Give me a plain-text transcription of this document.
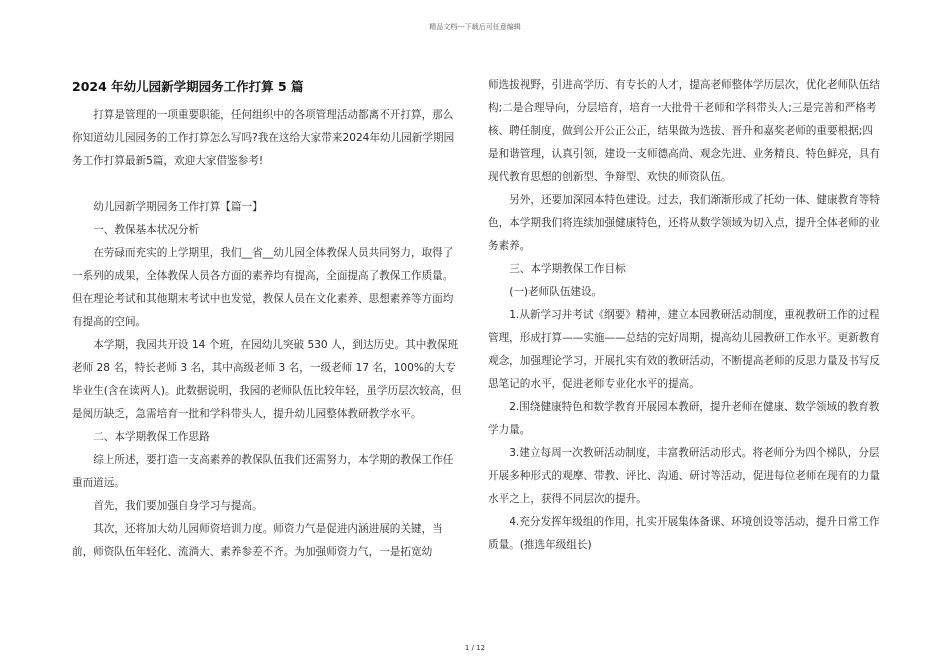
精品文档---下载后可任意编辑
2024 年幼儿园新学期园务工作打算 5 篇

打算是管理的一项重要职能，任何组织中的各项管理活动都离不开打算，那么你知道幼儿园园务的工作打算怎么写吗?我在这给大家带来2024年幼儿园新学期园务工作打算最新5篇，欢迎大家借鉴参考!

幼儿园新学期园务工作打算【篇一】

一、教保基本状况分析

在劳碌而充实的上学期里，我们__省__幼儿园全体教保人员共同努力，取得了一系列的成果，全体教保人员各方面的素养均有提高，全面提高了教保工作质量。但在理论考试和其他期末考试中也发觉，教保人员在文化素养、思想素养等方面均有提高的空间。

本学期，我园共开设 14 个班，在园幼儿突破 530 人，到达历史。其中教保班老师 28 名，特长老师 3 名，其中高级老师 3 名，一级老师 17 名，100%的大专毕业生(含在读两人)。此数据说明，我园的老师队伍比较年轻，虽学历层次较高，但是阅历缺乏，急需培育一批和学科带头人，提升幼儿园整体教研教学水平。

二、本学期教保工作思路

综上所述，要打造一支高素养的教保队伍我们还需努力，本学期的教保工作任重而道远。

首先，我们要加强自身学习与提高。

其次，还将加大幼儿园师资培训力度。师资力气是促进内涵进展的关键，当前，师资队伍年轻化、流淌大、素养参差不齐。为加强师资力气，一是拓宽幼

师选拔视野，引进高学历、有专长的人才，提高老师整体学历层次，优化老师队伍结构;二是合理导向，分层培育，培育一大批骨干老师和学科带头人;三是完善和严格考核、聘任制度，做到公开公正公正，结果做为选拔、晋升和嘉奖老师的重要根据;四是和谐管理，认真引领，建设一支师德高尚、观念先进、业务精良、特色鲜亮，具有现代教育思想的创新型、争辩型、欢快的师资队伍。

另外，还要加深园本特色建设。过去，我们渐渐形成了托幼一体、健康教育等特色，本学期我们将连续加强健康特色，还将从数学领域为切入点，提升全体老师的业务素养。

三、本学期教保工作目标

(一)老师队伍建设。

1.从新学习并考试《纲要》精神，建立本园教研活动制度，重视教研工作的过程管理，形成打算——实施——总结的完好周期，提高幼儿园教研工作水平。更新教育观念，加强理论学习，开展扎实有效的教研活动，不断提高老师的反思力量及书写反思笔记的水平，促进老师专业化水平的提高。

2.围绕健康特色和数学教育开展园本教研，提升老师在健康、数学领域的教育教学力量。

3.建立每周一次教研活动制度，丰富教研活动形式。将老师分为四个梯队，分层开展多种形式的观摩、带教、评比、沟通、研讨等活动，促进每位老师在现有的力量水平之上，获得不同层次的提升。

4.充分发挥年级组的作用，扎实开展集体备课、环境创设等活动，提升日常工作质量。(推选年级组长)

1 / 12
